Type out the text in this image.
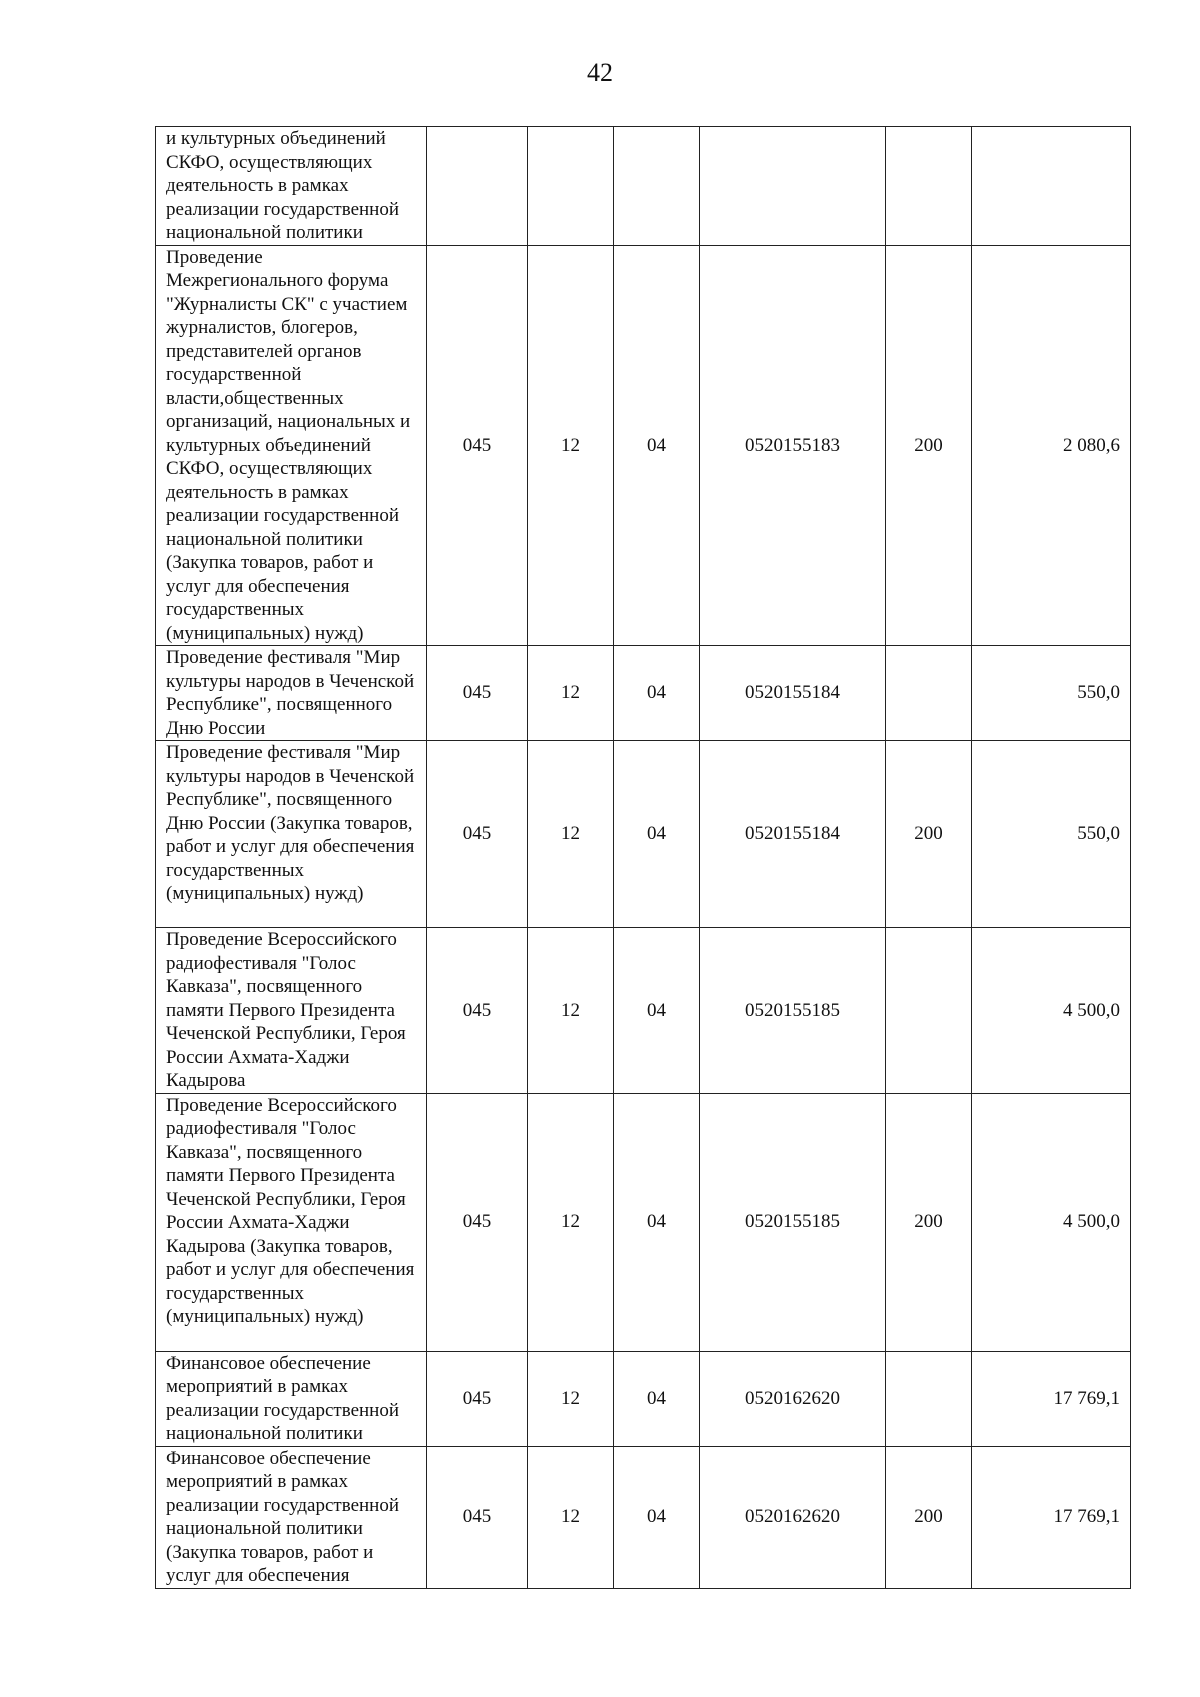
42
и культурных объединений СКФО, осуществляющих деятельность в рамках реализации государственной национальной политики						
Проведение Межрегионального форума "Журналисты СК" с участием журналистов, блогеров, представителей органов государственной власти,общественных организаций, национальных и культурных объединений СКФО, осуществляющих деятельность в рамках реализации государственной национальной политики (Закупка товаров, работ и услуг для обеспечения государственных (муниципальных) нужд)	045	12	04	0520155183	200	2 080,6
Проведение фестиваля "Мир культуры народов в Чеченской Республике", посвященного Дню России	045	12	04	0520155184		550,0
Проведение фестиваля "Мир культуры народов в Чеченской Республике", посвященного Дню России (Закупка товаров, работ и услуг для обеспечения государственных (муниципальных) нужд)	045	12	04	0520155184	200	550,0
Проведение Всероссийского радиофестиваля "Голос Кавказа", посвященного памяти Первого Президента Чеченской Республики, Героя России Ахмата-Хаджи Кадырова	045	12	04	0520155185		4 500,0
Проведение Всероссийского радиофестиваля "Голос Кавказа", посвященного памяти Первого Президента Чеченской Республики, Героя России Ахмата-Хаджи Кадырова (Закупка товаров, работ и услуг для обеспечения государственных (муниципальных) нужд)	045	12	04	0520155185	200	4 500,0
Финансовое обеспечение мероприятий в рамках реализации государственной национальной политики	045	12	04	0520162620		17 769,1
Финансовое обеспечение мероприятий в рамках реализации государственной национальной политики (Закупка товаров, работ и услуг для обеспечения	045	12	04	0520162620	200	17 769,1
